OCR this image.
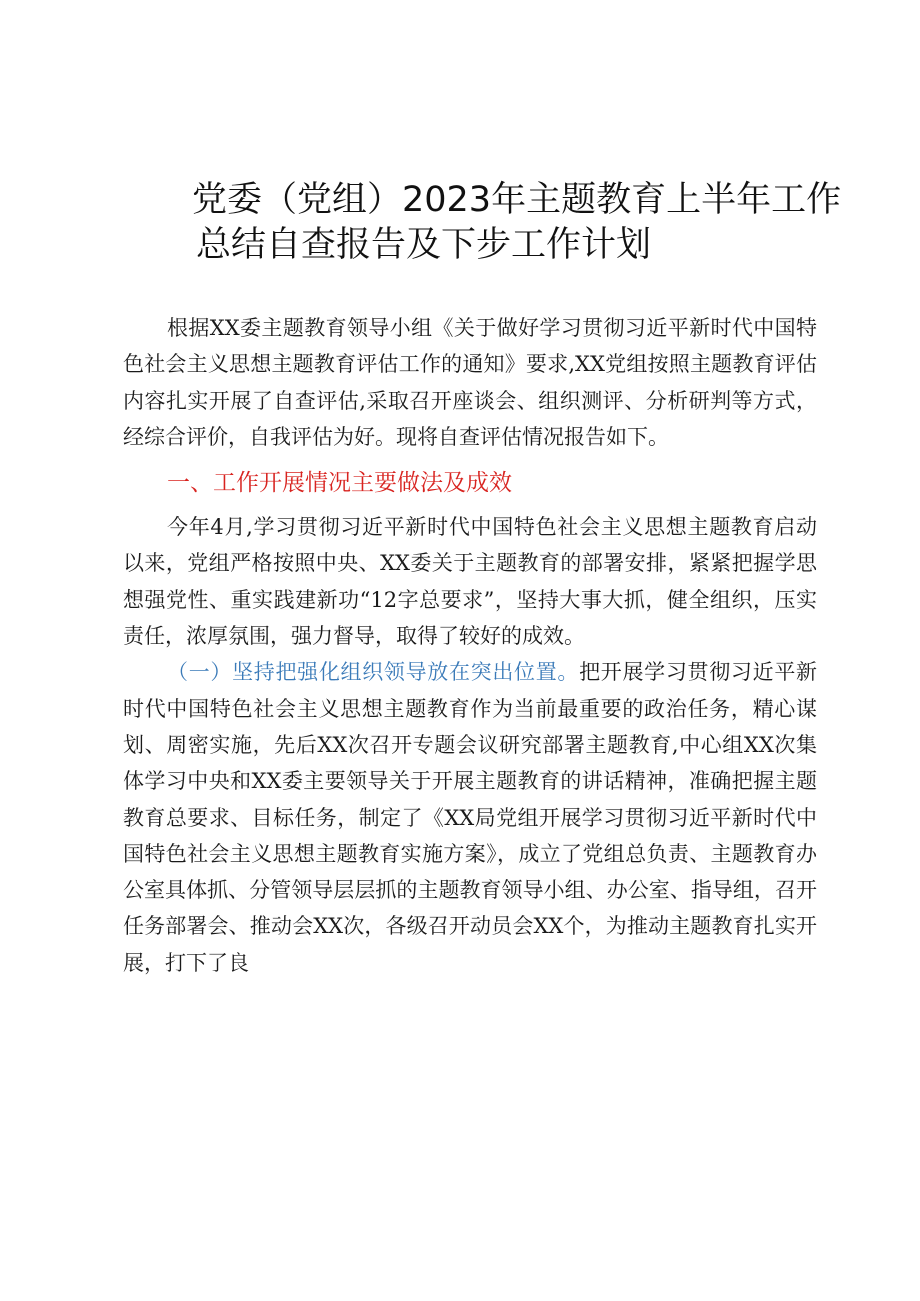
党委（党组）2023年主题教育上半年工作
总结自查报告及下步工作计划

根据XX委主题教育领导小组《关于做好学习贯彻习近平新时代中国特色社会主义思想主题教育评估工作的通知》要求,XX党组按照主题教育评估内容扎实开展了自查评估,采取召开座谈会、组织测评、分析研判等方式，经综合评价，自我评估为好。现将自查评估情况报告如下。

一、工作开展情况主要做法及成效

今年4月,学习贯彻习近平新时代中国特色社会主义思想主题教育启动以来，党组严格按照中央、XX委关于主题教育的部署安排，紧紧把握学思想强党性、重实践建新功“12字总要求”，坚持大事大抓，健全组织，压实责任，浓厚氛围，强力督导，取得了较好的成效。

（一）坚持把强化组织领导放在突出位置。把开展学习贯彻习近平新时代中国特色社会主义思想主题教育作为当前最重要的政治任务，精心谋划、周密实施，先后XX次召开专题会议研究部署主题教育,中心组XX次集体学习中央和XX委主要领导关于开展主题教育的讲话精神，准确把握主题教育总要求、目标任务，制定了《XX局党组开展学习贯彻习近平新时代中国特色社会主义思想主题教育实施方案》，成立了党组总负责、主题教育办公室具体抓、分管领导层层抓的主题教育领导小组、办公室、指导组，召开任务部署会、推动会XX次，各级召开动员会XX个，为推动主题教育扎实开展，打下了良
